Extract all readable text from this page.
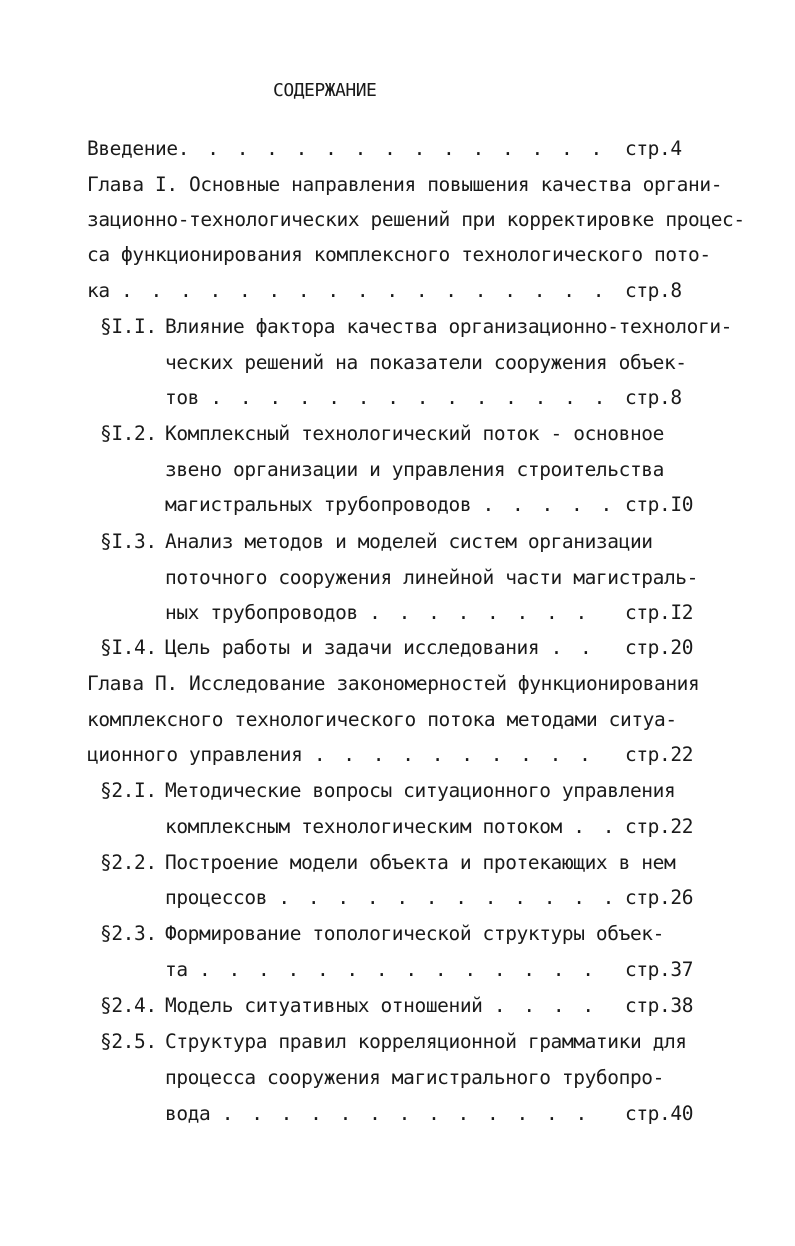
СОДЕРЖАНИЕ
Введение. . . . . . . . . . . . . . . стр.4
Глава I. Основные направления повышения качества органи-
зационно-технологических решений при корректировке процес-
са функционирования комплексного технологического пото-
ка . . . . . . . . . . . . . . . . . стр.8
§I.I. Влияние фактора качества организационно-технологи-
ческих решений на показатели сооружения объек-
тов . . . . . . . . . . . . . . стр.8
§I.2. Комплексный технологический поток - основное
звено организации и управления строительства
магистральных трубопроводов . . . . . стр.I0
§I.3. Анализ методов и моделей систем организации
поточного сооружения линейной части магистраль-
ных трубопроводов . . . . . . . . стр.I2
§I.4. Цель работы и задачи исследования . . стр.20
Глава П. Исследование закономерностей функционирования
комплексного технологического потока методами ситуа-
ционного управления . . . . . . . . . . стр.22
§2.I. Методические вопросы ситуационного управления
комплексным технологическим потоком . . стр.22
§2.2. Построение модели объекта и протекающих в нем
процессов . . . . . . . . . . . . стр.26
§2.3. Формирование топологической структуры объек-
та . . . . . . . . . . . . . . стр.37
§2.4. Модель ситуативных отношений . . . . стр.38
§2.5. Структура правил корреляционной грамматики для
процесса сооружения магистрального трубопро-
вода . . . . . . . . . . . . . стр.40
